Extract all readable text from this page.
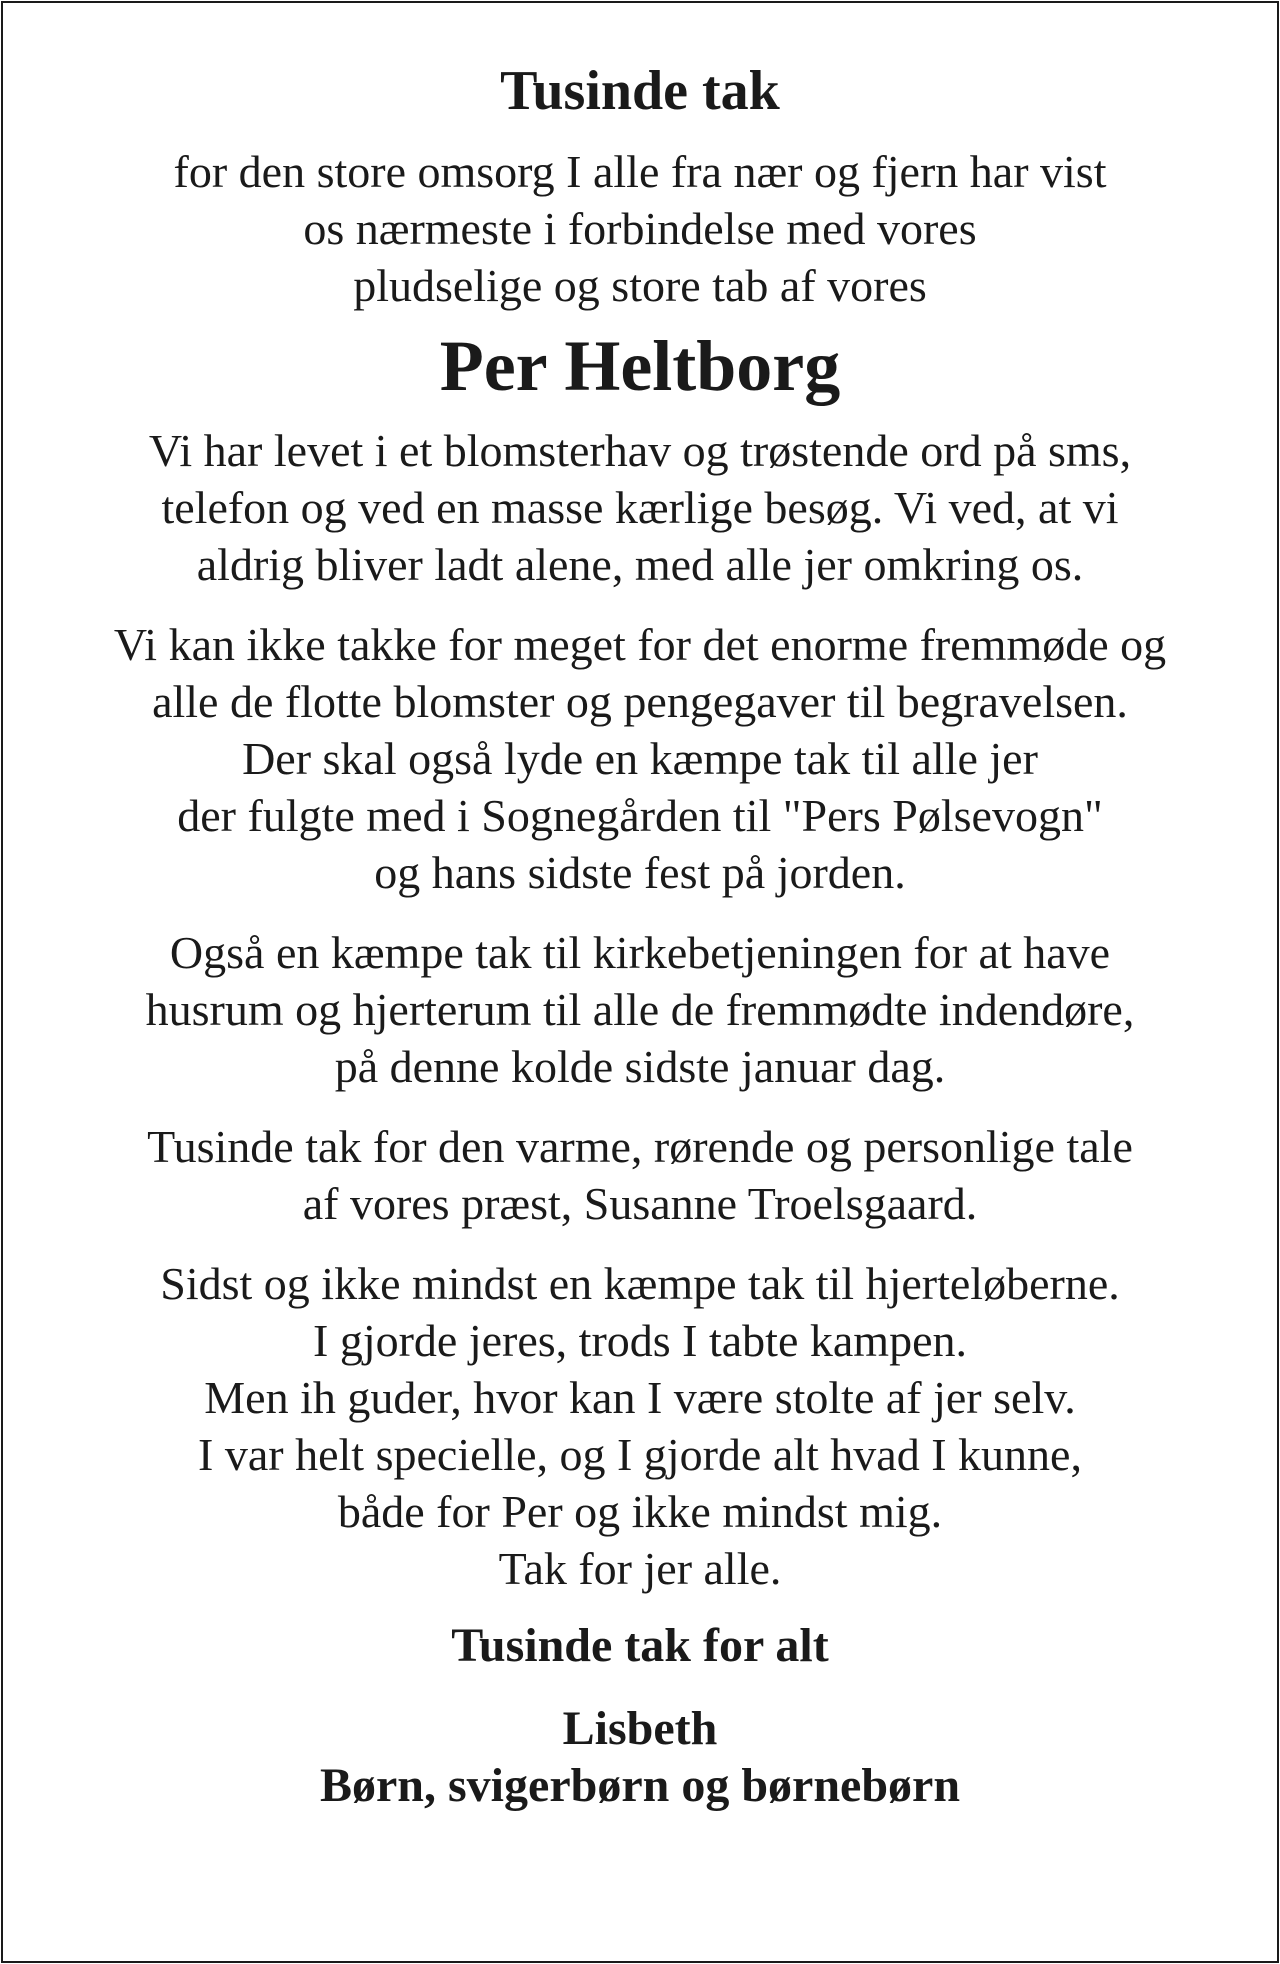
Tusinde tak
for den store omsorg I alle fra nær og fjern har vist
os nærmeste i forbindelse med vores
pludselige og store tab af vores
Per Heltborg
Vi har levet i et blomsterhav og trøstende ord på sms,
telefon og ved en masse kærlige besøg. Vi ved, at vi
aldrig bliver ladt alene, med alle jer omkring os.
Vi kan ikke takke for meget for det enorme fremmøde og
alle de flotte blomster og pengegaver til begravelsen.
Der skal også lyde en kæmpe tak til alle jer
der fulgte med i Sognegården til "Pers Pølsevogn"
og hans sidste fest på jorden.
Også en kæmpe tak til kirkebetjeningen for at have
husrum og hjerterum til alle de fremmødte indendøre,
på denne kolde sidste januar dag.
Tusinde tak for den varme, rørende og personlige tale
af vores præst, Susanne Troelsgaard.
Sidst og ikke mindst en kæmpe tak til hjerteløberne.
I gjorde jeres, trods I tabte kampen.
Men ih guder, hvor kan I være stolte af jer selv.
I var helt specielle, og I gjorde alt hvad I kunne,
både for Per og ikke mindst mig.
Tak for jer alle.
Tusinde tak for alt
Lisbeth
Børn, svigerbørn og børnebørn
